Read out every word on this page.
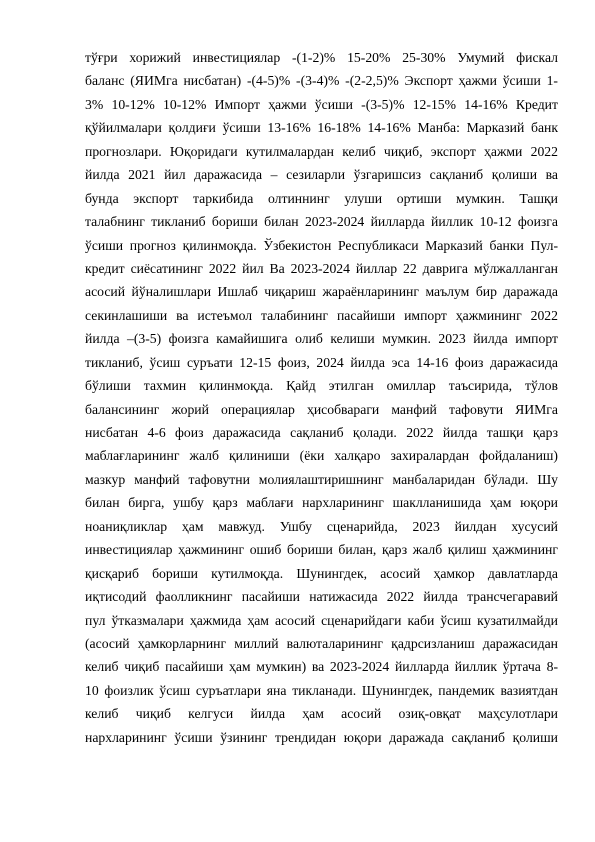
тўғри хорижий инвестициялар -(1-2)% 15-20% 25-30% Умумий фискал
баланс (ЯИМга нисбатан) -(4-5)% -(3-4)% -(2-2,5)% Экспорт ҳажми ўсиши 1-
3% 10-12% 10-12% Импорт ҳажми ўсиши -(3-5)% 12-15% 14-16% Кредит
қўйилмалари қолдиғи ўсиши 13-16% 16-18% 14-16% Манба: Марказий банк
прогнозлари. Юқоридаги кутилмалардан келиб чиқиб, экспорт ҳажми 2022
йилда 2021 йил даражасида – сезиларли ўзгаришсиз сақланиб қолиши ва
бунда экспорт таркибида олтиннинг улуши ортиши мумкин. Ташқи
талабнинг тикланиб бориши билан 2023-2024 йилларда йиллик 10-12 фоизга
ўсиши прогноз қилинмоқда. Ўзбекистон Республикаси Марказий банки Пул-
кредит сиёсатининг 2022 йил Ва 2023-2024 йиллар 22 даврига мўлжалланган
асосий йўналишлари Ишлаб чиқариш жараёнларининг маълум бир даражада
секинлашиши ва истеъмол талабининг пасайиши импорт ҳажмининг 2022
йилда –(3-5) фоизга камайишига олиб келиши мумкин. 2023 йилда импорт
тикланиб, ўсиш суръати 12-15 фоиз, 2024 йилда эса 14-16 фоиз даражасида
бўлиши тахмин қилинмоқда. Қайд этилган омиллар таъсирида, тўлов
балансининг жорий операциялар ҳисобвараги манфий тафовути ЯИМга
нисбатан 4-6 фоиз даражасида сақланиб қолади. 2022 йилда ташқи қарз
маблағларининг жалб қилиниши (ёки халқаро захиралардан фойдаланиш)
мазкур манфий тафовутни молиялаштиришнинг манбаларидан бўлади. Шу
билан бирга, ушбу қарз маблағи нархларининг шаклланишида ҳам юқори
ноаниқликлар ҳам мавжуд. Ушбу сценарийда, 2023 йилдан хусусий
инвестициялар ҳажмининг ошиб бориши билан, қарз жалб қилиш ҳажмининг
қисқариб бориши кутилмоқда. Шунингдек, асосий ҳамкор давлатларда
иқтисодий фаолликнинг пасайиши натижасида 2022 йилда трансчегаравий
пул ўтказмалари ҳажмида ҳам асосий сценарийдаги каби ўсиш кузатилмайди
(асосий ҳамкорларнинг миллий валюталарининг қадрсизланиш даражасидан
келиб чиқиб пасайиши ҳам мумкин) ва 2023-2024 йилларда йиллик ўртача 8-
10 фоизлик ўсиш суръатлари яна тикланади. Шунингдек, пандемик вазиятдан
келиб чиқиб келгуси йилда ҳам асосий озиқ-овқат маҳсулотлари
нархларининг ўсиши ўзининг трендидан юқори даражада сақланиб қолиши
